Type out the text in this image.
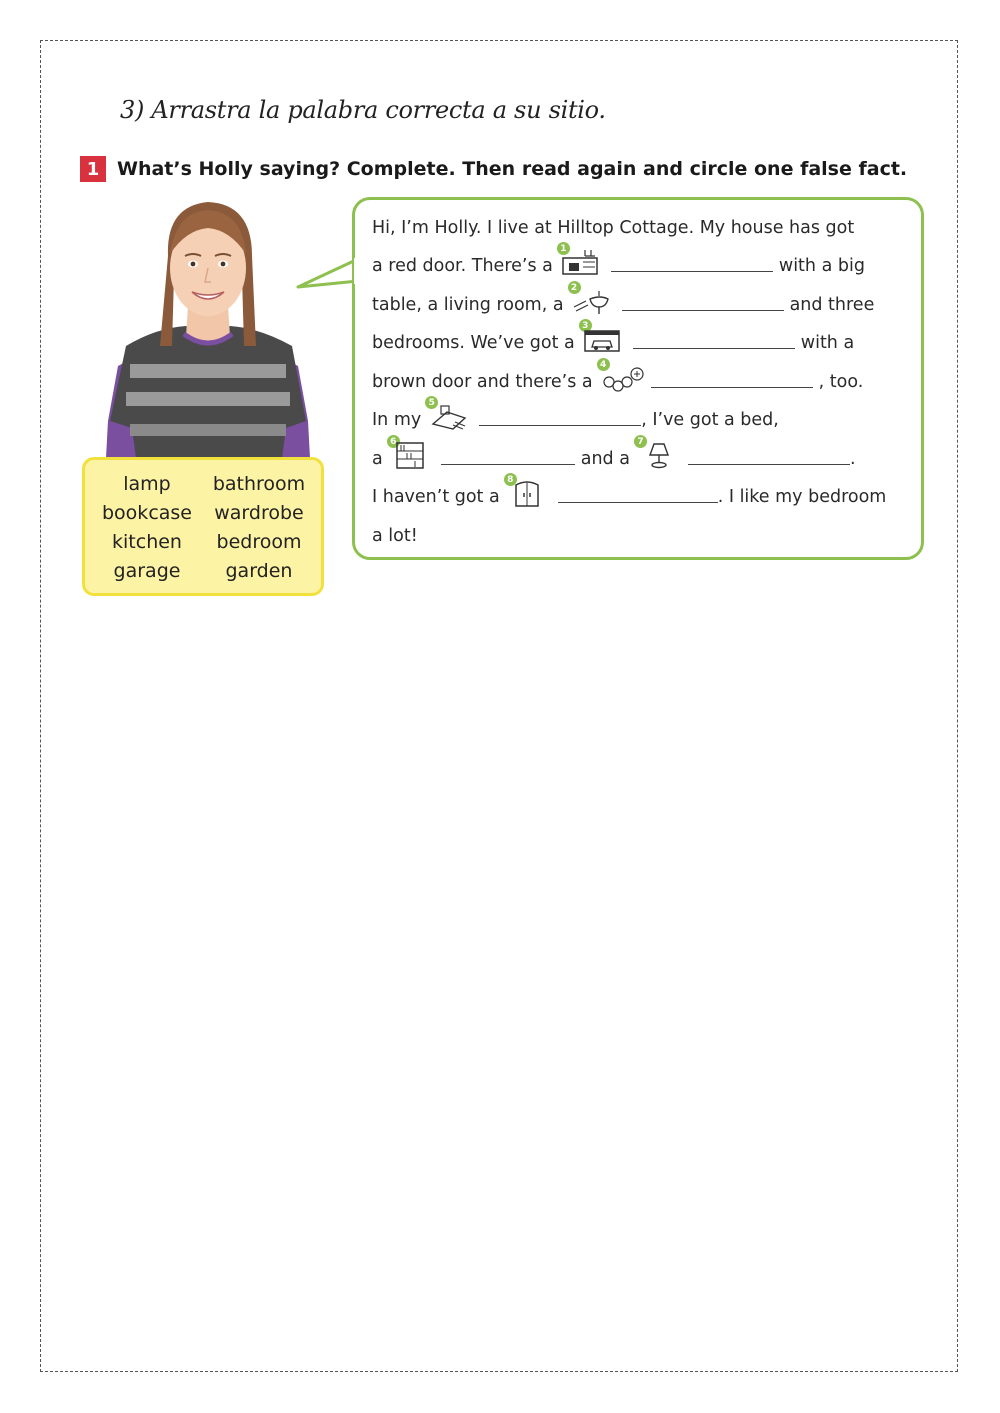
3) Arrastra la palabra correcta a su sitio.
1 What’s Holly saying? Complete. Then read again and circle one false fact.
lamp	bathroom
bookcase	wardrobe
kitchen	bedroom
garage	garden
Hi, I’m Holly. I live at Hilltop Cottage. My house has got
a red door. There’s a
1
with a big
table, a living room, a
2
and three
bedrooms. We’ve got a
3
with a
brown door and there’s a
4
, too.
In my
5
, I’ve got a bed,
a
6
and a
7
.
I haven’t got a
8
. I like my bedroom
a lot!
